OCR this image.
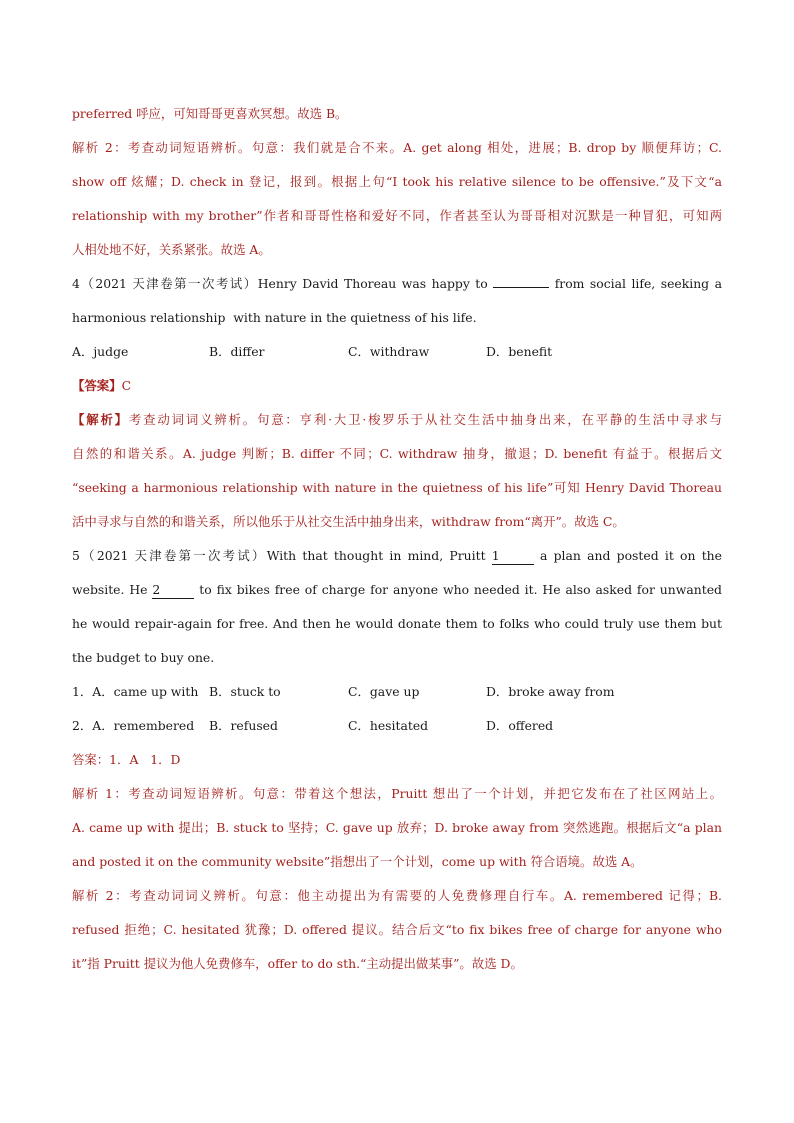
preferred 呼应，可知哥哥更喜欢冥想。故选 B。
解析 2：考查动词短语辨析。句意：我们就是合不来。A. get along 相处，进展；B. drop by 顺便拜访；C.
show off 炫耀；D. check in 登记，报到。根据上句“I took his relative silence to be offensive.”及下文“a
relationship with my brother”作者和哥哥性格和爱好不同，作者甚至认为哥哥相对沉默是一种冒犯，可知两
人相处地不好，关系紧张。故选 A。
4（2021 天津卷第一次考试）Henry David Thoreau was happy to	from social life, seeking a
harmonious relationship  with nature in the quietness of his life.
A．judge	B．differ	C．withdraw	D．benefit
【答案】C
【解析】考查动词词义辨析。句意：亨利·大卫·梭罗乐于从社交生活中抽身出来，在平静的生活中寻求与
自然的和谐关系。A. judge 判断；B. differ 不同；C. withdraw 抽身，撤退；D. benefit 有益于。根据后文
“seeking a harmonious relationship with nature in the quietness of his life”可知 Henry David Thoreau
活中寻求与自然的和谐关系，所以他乐于从社交生活中抽身出来，withdraw from“离开”。故选 C。
5（2021 天津卷第一次考试）With that thought in mind, Pruitt 1	a plan and posted it on the
website. He 2	to fix bikes free of charge for anyone who needed it. He also asked for unwanted
he would repair-again for free. And then he would donate them to folks who could truly use them but
the budget to buy one.
1．A．came up with B．stuck to	C．gave up	D．broke away from
2．A．remembered	B．refused	C．hesitated	D．offered
答案：1．A   1．D
解析 1：考查动词短语辨析。句意：带着这个想法，Pruitt 想出了一个计划，并把它发布在了社区网站上。
A. came up with 提出；B. stuck to 坚持；C. gave up 放弃；D. broke away from 突然逃跑。根据后文“a plan
and posted it on the community website”指想出了一个计划，come up with 符合语境。故选 A。
解析 2：考查动词词义辨析。句意：他主动提出为有需要的人免费修理自行车。A. remembered 记得；B.
refused 拒绝；C. hesitated 犹豫；D. offered 提议。结合后文“to fix bikes free of charge for anyone who
it”指 Pruitt 提议为他人免费修车，offer to do sth.“主动提出做某事”。故选 D。
